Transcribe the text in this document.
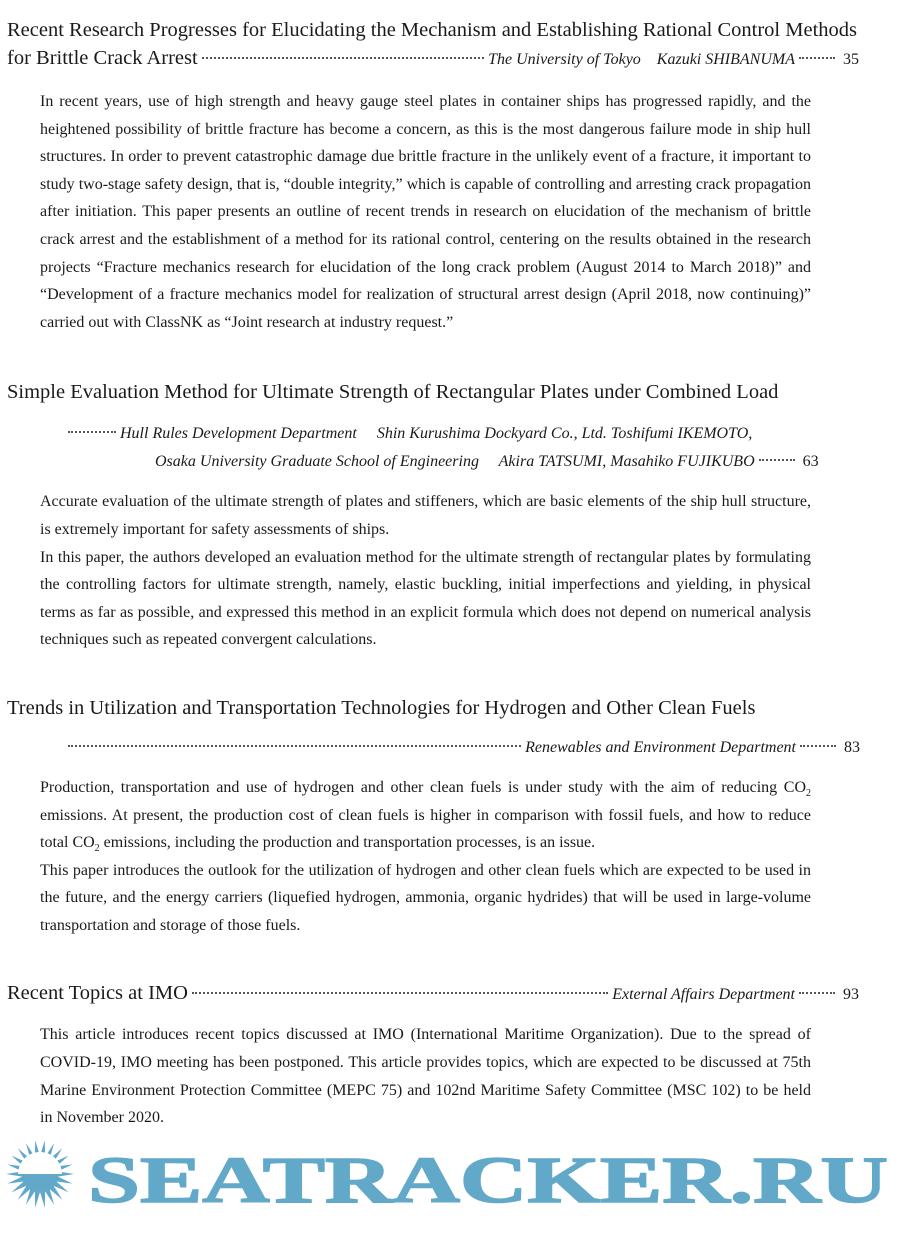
Recent Research Progresses for Elucidating the Mechanism and Establishing Rational Control Methods
for Brittle Crack Arrest	The University of Tokyo Kazuki SHIBANUMA	35

In recent years, use of high strength and heavy gauge steel plates in container ships has progressed rapidly, and the heightened possibility of brittle fracture has become a concern, as this is the most dangerous failure mode in ship hull structures. In order to prevent catastrophic damage due brittle fracture in the unlikely event of a fracture, it important to study two-stage safety design, that is, “double integrity,” which is capable of controlling and arresting crack propagation after initiation. This paper presents an outline of recent trends in research on elucidation of the mechanism of brittle crack arrest and the establishment of a method for its rational control, centering on the results obtained in the research projects “Fracture mechanics research for elucidation of the long crack problem (August 2014 to March 2018)” and “Development of a fracture mechanics model for realization of structural arrest design (April 2018, now continuing)” carried out with ClassNK as “Joint research at industry request.”

Simple Evaluation Method for Ultimate Strength of Rectangular Plates under Combined Load
Hull Rules Development Department　 Shin Kurushima Dockyard Co., Ltd. Toshifumi IKEMOTO,
Osaka University Graduate School of Engineering　 Akira TATSUMI, Masahiko FUJIKUBO	63

Accurate evaluation of the ultimate strength of plates and stiffeners, which are basic elements of the ship hull structure, is extremely important for safety assessments of ships.

In this paper, the authors developed an evaluation method for the ultimate strength of rectangular plates by formulating the controlling factors for ultimate strength, namely, elastic buckling, initial imperfections and yielding, in physical terms as far as possible, and expressed this method in an explicit formula which does not depend on numerical analysis techniques such as repeated convergent calculations.

Trends in Utilization and Transportation Technologies for Hydrogen and Other Clean Fuels
Renewables and Environment Department	83

Production, transportation and use of hydrogen and other clean fuels is under study with the aim of reducing $CO_2$ emissions. At present, the production cost of clean fuels is higher in comparison with fossil fuels, and how to reduce total $CO_2$ emissions, including the production and transportation processes, is an issue.

This paper introduces the outlook for the utilization of hydrogen and other clean fuels which are expected to be used in the future, and the energy carriers (liquefied hydrogen, ammonia, organic hydrides) that will be used in large-volume transportation and storage of those fuels.

Recent Topics at IMO	External Affairs Department	93

This article introduces recent topics discussed at IMO (International Maritime Organization). Due to the spread of COVID-19, IMO meeting has been postponed. This article provides topics, which are expected to be discussed at 75th Marine Environment Protection Committee (MEPC 75) and 102nd Maritime Safety Committee (MSC 102) to be held in November 2020.

SEATRACKER.RU
